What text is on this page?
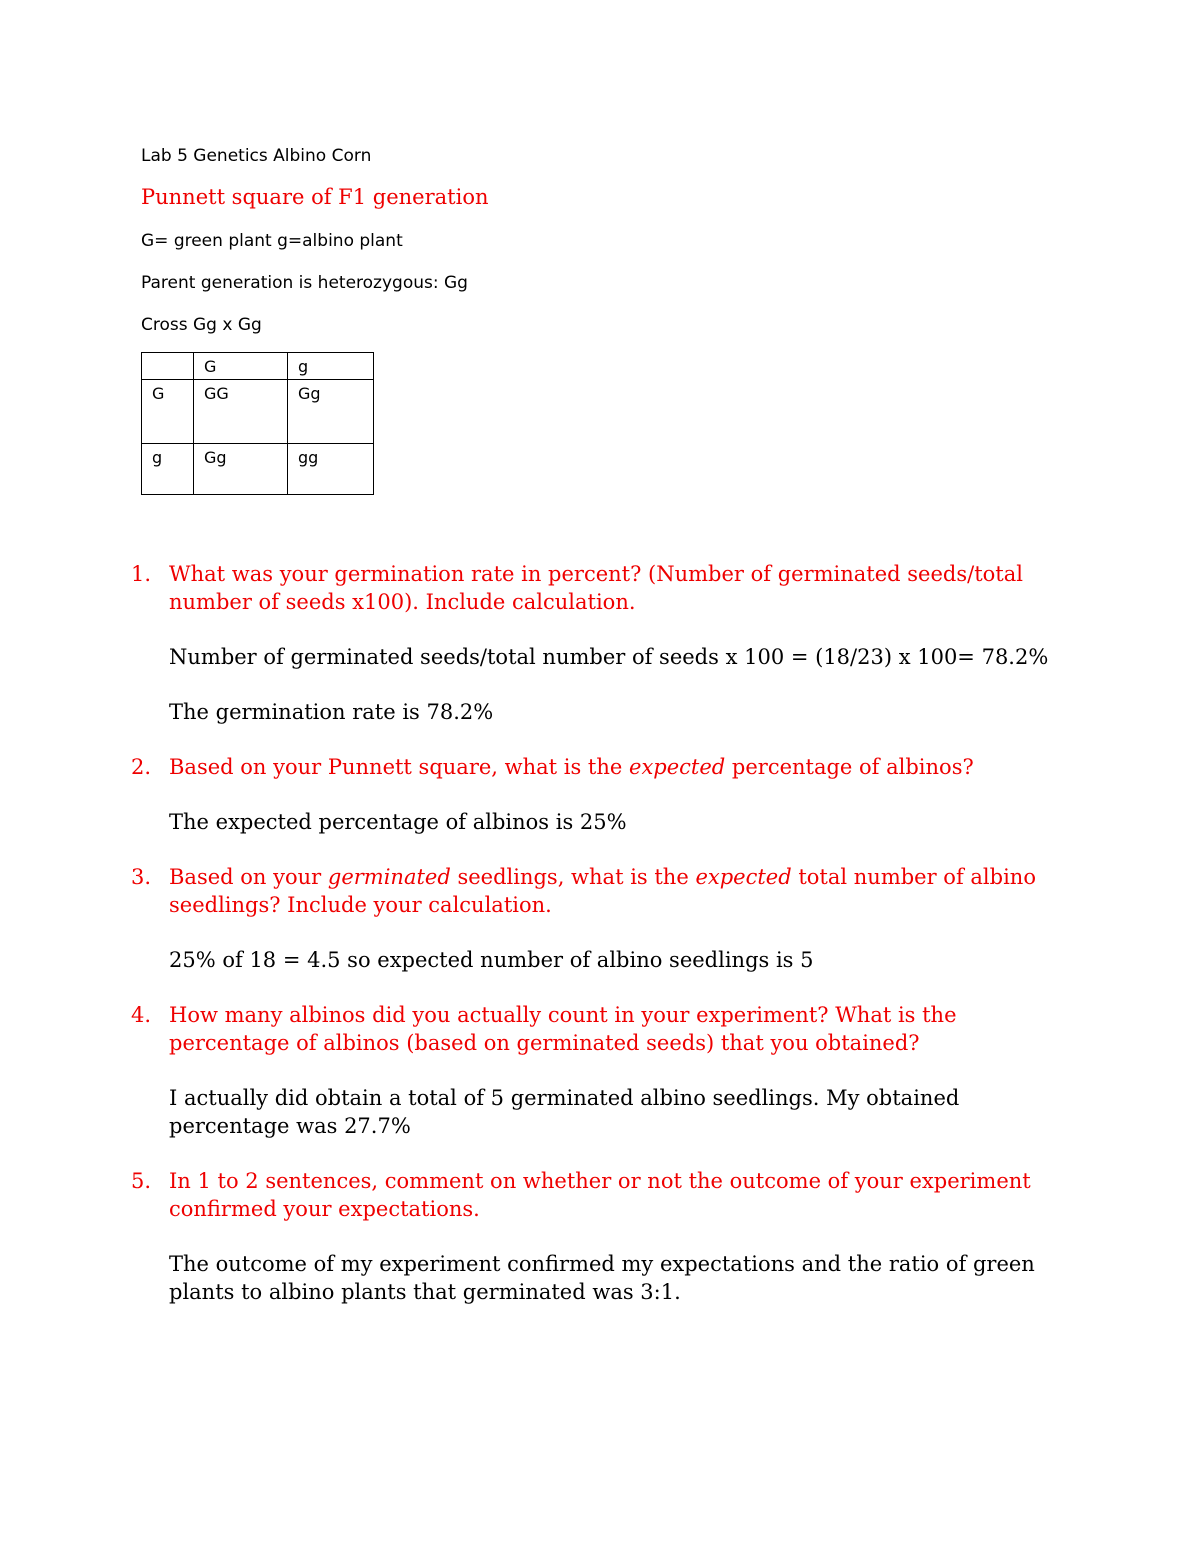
Lab 5 Genetics Albino Corn
Punnett square of F1 generation
G= green plant g=albino plant
Parent generation is heterozygous: Gg
Cross Gg x Gg
	G	g
G	GG	Gg
g	Gg	gg
1. What was your germination rate in percent? (Number of germinated seeds/total number of seeds x100). Include calculation.
Number of germinated seeds/total number of seeds x 100 = (18/23) x 100= 78.2%
The germination rate is 78.2%
2. Based on your Punnett square, what is the expected percentage of albinos?
The expected percentage of albinos is 25%
3. Based on your germinated seedlings, what is the expected total number of albino seedlings? Include your calculation.
25% of 18 = 4.5 so expected number of albino seedlings is 5
4. How many albinos did you actually count in your experiment? What is the percentage of albinos (based on germinated seeds) that you obtained?
I actually did obtain a total of 5 germinated albino seedlings. My obtained percentage was 27.7%
5. In 1 to 2 sentences, comment on whether or not the outcome of your experiment confirmed your expectations.
The outcome of my experiment confirmed my expectations and the ratio of green plants to albino plants that germinated was 3:1.
